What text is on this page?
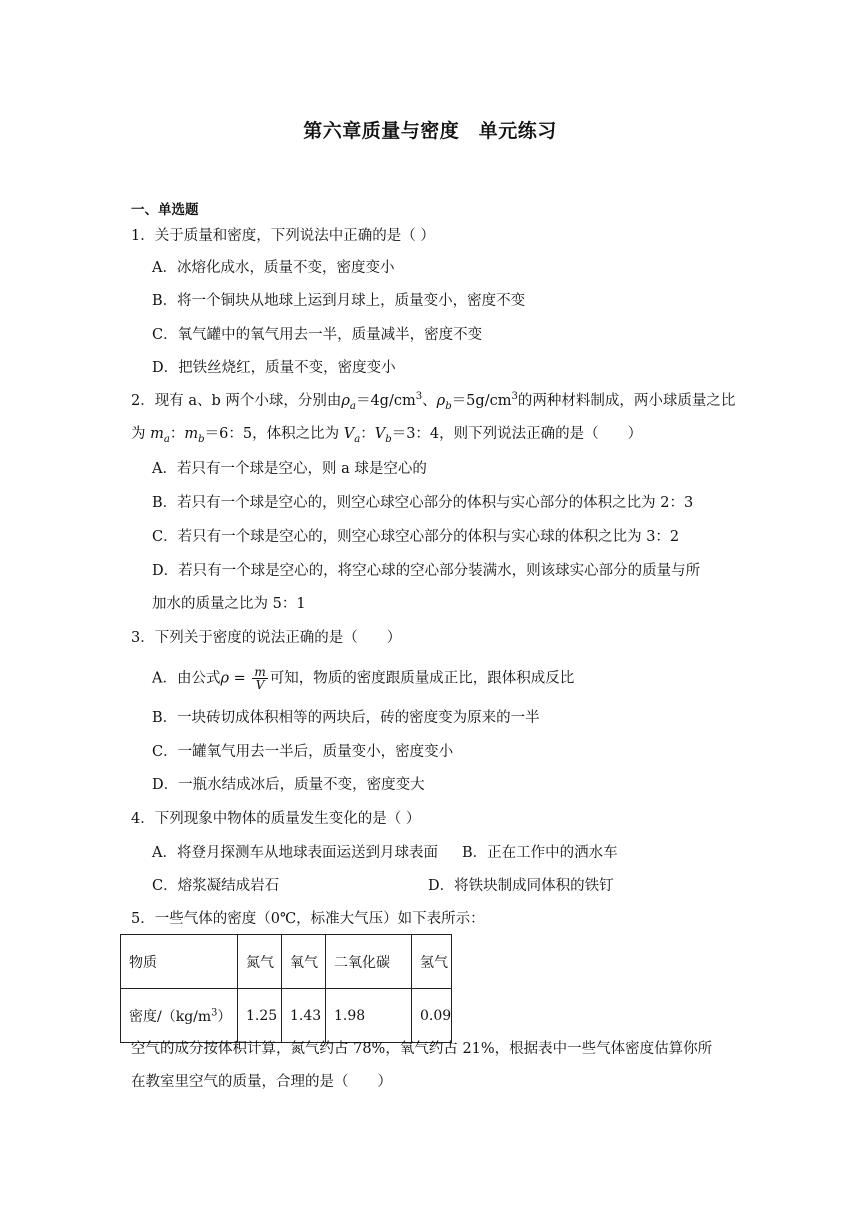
第六章质量与密度　单元练习
一、单选题
1．关于质量和密度，下列说法中正确的是（ ）
A．冰熔化成水，质量不变，密度变小
B．将一个铜块从地球上运到月球上，质量变小，密度不变
C．氧气罐中的氧气用去一半，质量减半，密度不变
D．把铁丝烧红，质量不变，密度变小
2．现有 a、b 两个小球，分别由$\rho_a=4g/cm^3$、$\rho_b=5g/cm^3$的两种材料制成，两小球质量之比
为 $m_a$：$m_b=6$：5，体积之比为 $V_a$：$V_b=3$：4，则下列说法正确的是（　　）
A．若只有一个球是空心，则 a 球是空心的
B．若只有一个球是空心的，则空心球空心部分的体积与实心部分的体积之比为 2：3
C．若只有一个球是空心的，则空心球空心部分的体积与实心球的体积之比为 3：2
D．若只有一个球是空心的，将空心球的空心部分装满水，则该球实心部分的质量与所
加水的质量之比为 5：1
3．下列关于密度的说法正确的是（　　）
A．由公式$\rho = \frac{m}{V}$ 可知，物质的密度跟质量成正比，跟体积成反比
B．一块砖切成体积相等的两块后，砖的密度变为原来的一半
C．一罐氧气用去一半后，质量变小，密度变小
D．一瓶水结成冰后，质量不变，密度变大
4．下列现象中物体的质量发生变化的是（ ）
A．将登月探测车从地球表面运送到月球表面 B．正在工作中的洒水车
C．熔浆凝结成岩石	D．将铁块制成同体积的铁钉
5．一些气体的密度（0℃，标准大气压）如下表所示：
物质	氮气	氧气	二氧化碳	氢气
密度$/(kg/m^3)$	1.25	1.43	1.98	0.09
空气的成分按体积计算，氮气约占 78%，氧气约占 21%，根据表中一些气体密度估算你所
在教室里空气的质量，合理的是（　　）
